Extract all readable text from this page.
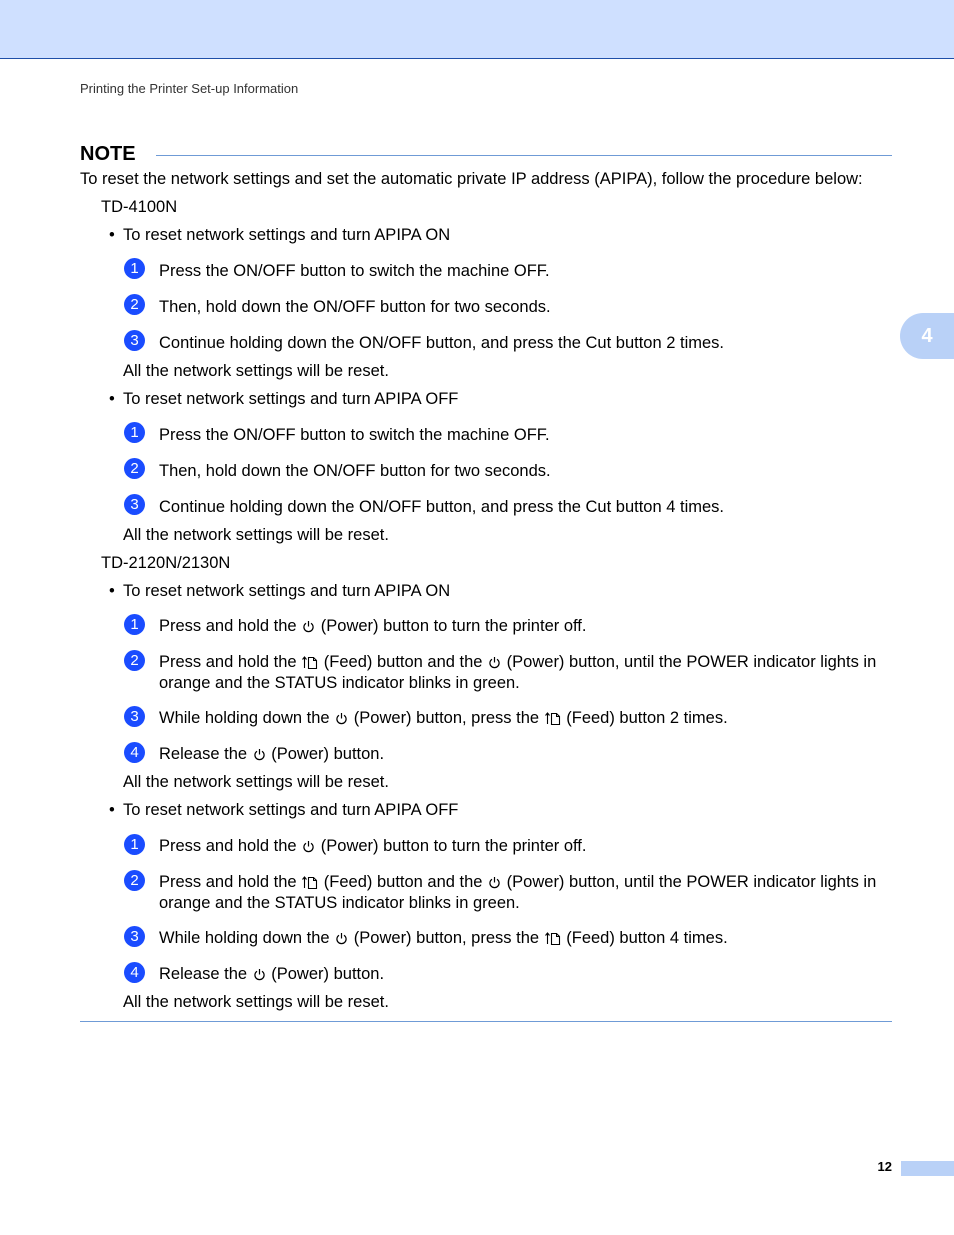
Printing the Printer Set-up Information
4
NOTE
To reset the network settings and set the automatic private IP address (APIPA), follow the procedure below:
TD-4100N
• To reset network settings and turn APIPA ON
1	Press the ON/OFF button to switch the machine OFF.
2	Then, hold down the ON/OFF button for two seconds.
3	Continue holding down the ON/OFF button, and press the Cut button 2 times.
All the network settings will be reset.
• To reset network settings and turn APIPA OFF
1	Press the ON/OFF button to switch the machine OFF.
2	Then, hold down the ON/OFF button for two seconds.
3	Continue holding down the ON/OFF button, and press the Cut button 4 times.
All the network settings will be reset.
TD-2120N/2130N
• To reset network settings and turn APIPA ON
1	Press and hold the (Power) button to turn the printer off.
2	Press and hold the (Feed) button and the (Power) button, until the POWER indicator lights in
orange and the STATUS indicator blinks in green.
3	While holding down the (Power) button, press the (Feed) button 2 times.
4	Release the (Power) button.
All the network settings will be reset.
• To reset network settings and turn APIPA OFF
1	Press and hold the (Power) button to turn the printer off.
2	Press and hold the (Feed) button and the (Power) button, until the POWER indicator lights in
orange and the STATUS indicator blinks in green.
3	While holding down the (Power) button, press the (Feed) button 4 times.
4	Release the (Power) button.
All the network settings will be reset.
12
